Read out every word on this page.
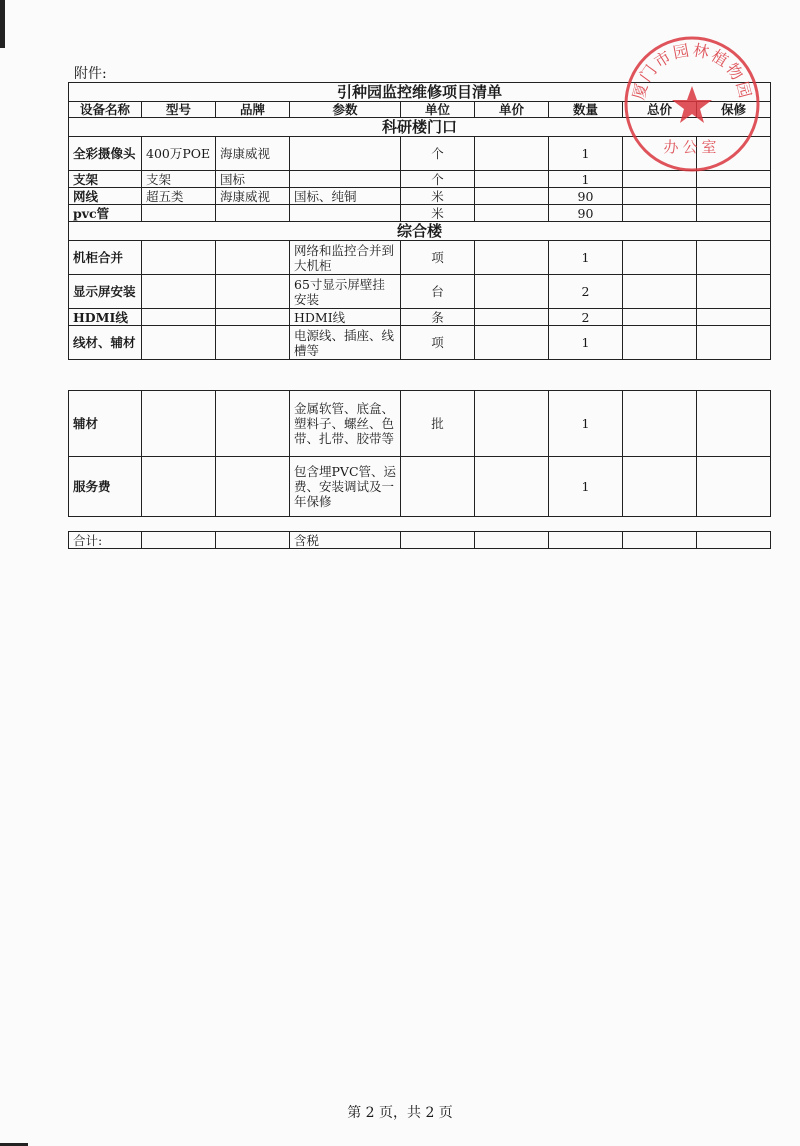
附件:
引种园监控维修项目清单								
设备名称	型号	品牌	参数	单位	单价	数量	总价	保修
科研楼门口								
全彩摄像头	400万POE	海康威视		个		1		
支架	支架	国标		个		1		
网线	超五类	海康威视	国标、纯铜	米		90		
pvc管				米		90		
综合楼								
机柜合并			网络和监控合并到大机柜	项		1		
显示屏安装			65寸显示屏壁挂安装	台		2		
HDMI线			HDMI线	条		2		
线材、辅材			电源线、插座、线槽等	项		1		
辅材			金属软管、底盒、塑料子、螺丝、色带、扎带、胶带等	批		1		
服务费			包含埋PVC管、运费、安装调试及一年保修			1		
合计:			含税					
厦门市园林植物园
办公室
第 2 页，共 2 页
